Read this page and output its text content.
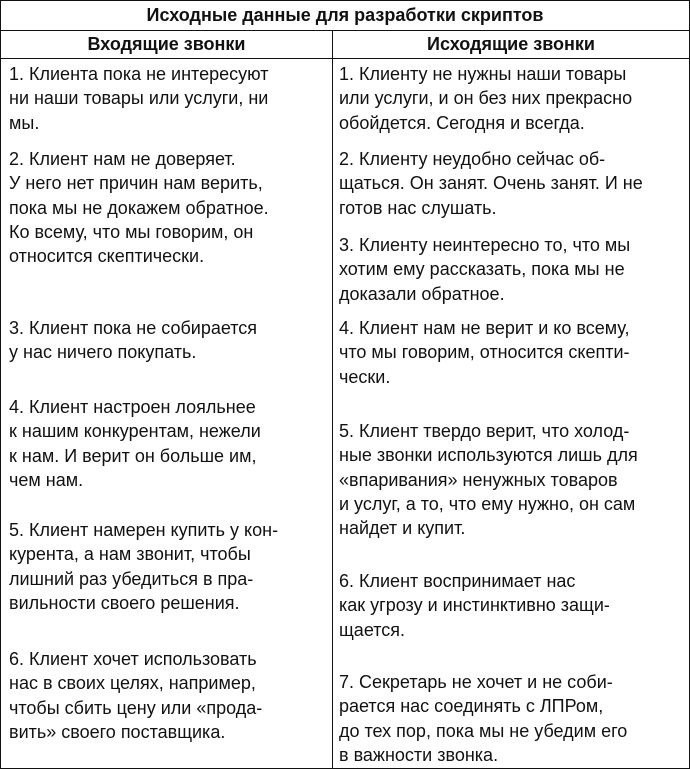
Исходные данные для разработки скриптов
Входящие звонки	Исходящие звонки
1. Клиента пока не интересуют
ни наши товары или услуги, ни
мы.
2. Клиент нам не доверяет.
У него нет причин нам верить,
пока мы не докажем обратное.
Ко всему, что мы говорим, он
относится скептически.
3. Клиент пока не собирается
у нас ничего покупать.
4. Клиент настроен лояльнее
к нашим конкурентам, нежели
к нам. И верит он больше им,
чем нам.
5. Клиент намерен купить у кон-
курента, а нам звонит, чтобы
лишний раз убедиться в пра-
вильности своего решения.
6. Клиент хочет использовать
нас в своих целях, например,
чтобы сбить цену или «прода-
вить» своего поставщика.
1. Клиенту не нужны наши товары
или услуги, и он без них прекрасно
обойдется. Сегодня и всегда.
2. Клиенту неудобно сейчас об-
щаться. Он занят. Очень занят. И не
готов нас слушать.
3. Клиенту неинтересно то, что мы
хотим ему рассказать, пока мы не
доказали обратное.
4. Клиент нам не верит и ко всему,
что мы говорим, относится скепти-
чески.
5. Клиент твердо верит, что холод-
ные звонки используются лишь для
«впаривания» ненужных товаров
и услуг, а то, что ему нужно, он сам
найдет и купит.
6. Клиент воспринимает нас
как угрозу и инстинктивно защи-
щается.
7. Секретарь не хочет и не соби-
рается нас соединять с ЛПРом,
до тех пор, пока мы не убедим его
в важности звонка.
